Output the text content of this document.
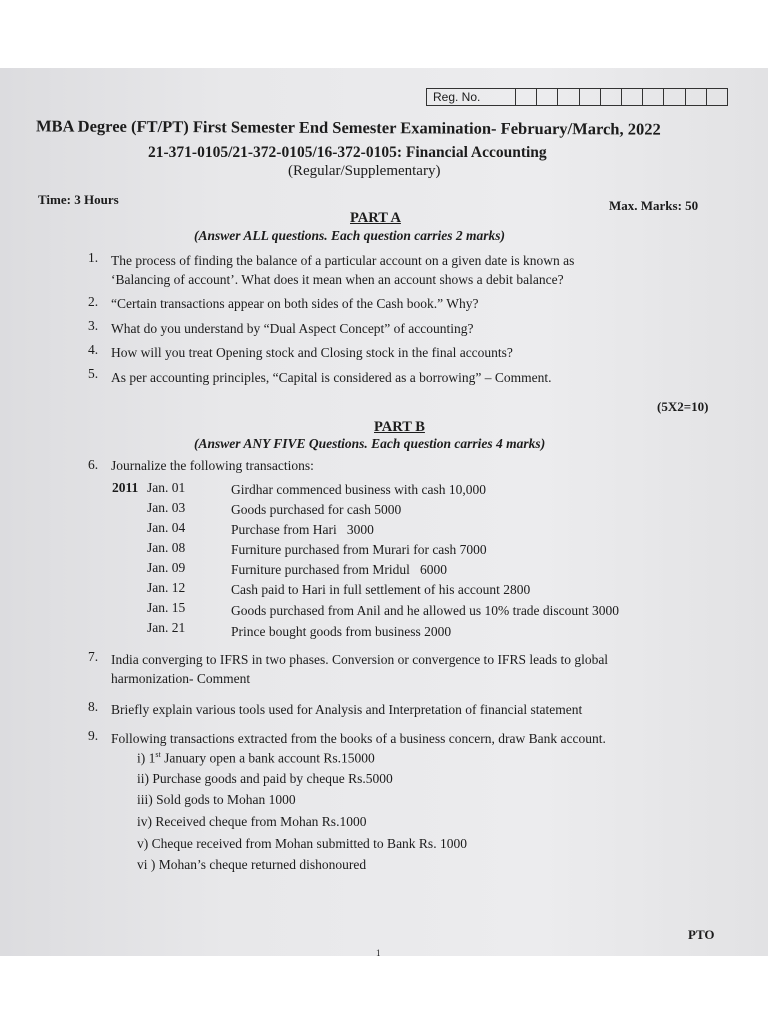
Reg. No.
MBA Degree (FT/PT) First Semester End Semester Examination- February/March, 2022
21-371-0105/21-372-0105/16-372-0105: Financial Accounting
(Regular/Supplementary)
Time: 3 Hours	Max. Marks: 50
PART A
(Answer ALL questions. Each question carries 2 marks)
1. The process of finding the balance of a particular account on a given date is known as
‘Balancing of account’. What does it mean when an account shows a debit balance?
2. “Certain transactions appear on both sides of the Cash book.” Why?
3. What do you understand by “Dual Aspect Concept” of accounting?
4. How will you treat Opening stock and Closing stock in the final accounts?
5. As per accounting principles, “Capital is considered as a borrowing” – Comment.
(5X2=10)
PART B
(Answer ANY FIVE Questions. Each question carries 4 marks)
6. Journalize the following transactions:
2011 Jan. 01	Girdhar commenced business with cash 10,000
Jan. 03	Goods purchased for cash 5000
Jan. 04	Purchase from Hari   3000
Jan. 08	Furniture purchased from Murari for cash 7000
Jan. 09	Furniture purchased from Mridul   6000
Jan. 12	Cash paid to Hari in full settlement of his account 2800
Jan. 15	Goods purchased from Anil and he allowed us 10% trade discount 3000
Jan. 21	Prince bought goods from business 2000
7. India converging to IFRS in two phases. Conversion or convergence to IFRS leads to global
harmonization- Comment
8. Briefly explain various tools used for Analysis and Interpretation of financial statement
9. Following transactions extracted from the books of a business concern, draw Bank account.
i) 1st January open a bank account Rs.15000
ii) Purchase goods and paid by cheque Rs.5000
iii) Sold gods to Mohan 1000
iv) Received cheque from Mohan Rs.1000
v) Cheque received from Mohan submitted to Bank Rs. 1000
vi ) Mohan’s cheque returned dishonoured
PTO
1
